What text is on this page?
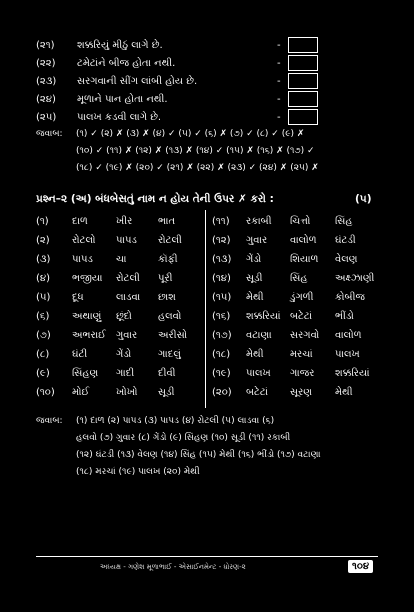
(૨૧) શક્કરિયું મીઠું લાગે છે.	-
(૨૨) ટમેટાંને બીજ હોતા નથી.	-
(૨૩) સરગવાની સીંગ લાંબી હોય છે.	-
(૨૪) મૂળાને પાન હોતા નથી.	-
(૨૫) પાલખ કડવી લાગે છે.	-
જવાબ: (૧) ✓ (૨) ✗ (૩) ✗ (૪) ✓ (૫) ✓ (૬) ✗ (૭) ✓ (૮) ✓ (૯) ✗
(૧૦) ✓ (૧૧) ✗ (૧૨) ✗ (૧૩) ✗ (૧૪) ✓ (૧૫) ✗ (૧૬) ✗ (૧૭) ✓
(૧૮) ✓ (૧૯) ✗ (૨૦) ✓ (૨૧) ✗ (૨૨) ✗ (૨૩) ✓ (૨૪) ✗ (૨૫) ✗
પ્રશ્ન–૨ (અ) બંધબેસતું નામ ન હોય તેની ઉપર ✗ કરો :	(૫)
(૧) દાળ	ખીર	ભાત
(૨) રોટલો પાપડ રોટલી
(૩) પાપડ ચા	કૉફી
(૪) ભજીયા રોટલી પૂરી
(૫) દૂધ	લાડવા છાશ
(૬) અથાણું છૂંદો	હલવો
(૭) અભરાઈ ગુવાર અરીસો
(૮) ઘંટી	ગેંડો	ગાદલું
(૯) સિંહણ ગાદી દીવી
(૧૦) મોઈ	ખોખો સૂડી
(૧૧) રકાબી ચિત્તો સિંહ
(૧૨) ગુવાર વાલોળ ઘંટડી
(૧૩) ગેંડો	શિયાળ વેલણ
(૧૪) સૂડી	સિંહ	અક્ષ્ઝાણી
(૧૫) મેથી	ડુંગળી કોબીજ
(૧૬) શક્કરિયાં બટેટાં ભીંડો
(૧૭) વટાણા સરગવો વાલોળ
(૧૮) મેથી	મરચાં પાલખ
(૧૯) પાલખ ગાજર શક્કરિયાં
(૨૦) બટેટાં સૂરણ મેથી
જવાબ: (૧) દાળ (૨) પાપડ (૩) પાપડ (૪) રોટલી (૫) લાડવા (૬)
હલવો (૭) ગુવાર (૮) ગેંડો (૯) સિંહણ (૧૦) સૂડી (૧૧) રકાબી
(૧૨) ઘંટડી (૧૩) વેલણ (૧૪) સિંહ (૧૫) મેથી (૧૬) ભીંડો (૧૭) વટાણા
(૧૮) મરચાં (૧૯) પાલખ (૨૦) મેથી
અધ્યક્ષ - ગણેશ મૂળાભાઈ - એસાઈનમેન્ટ - ધોરણ-૨	૧૦૪
